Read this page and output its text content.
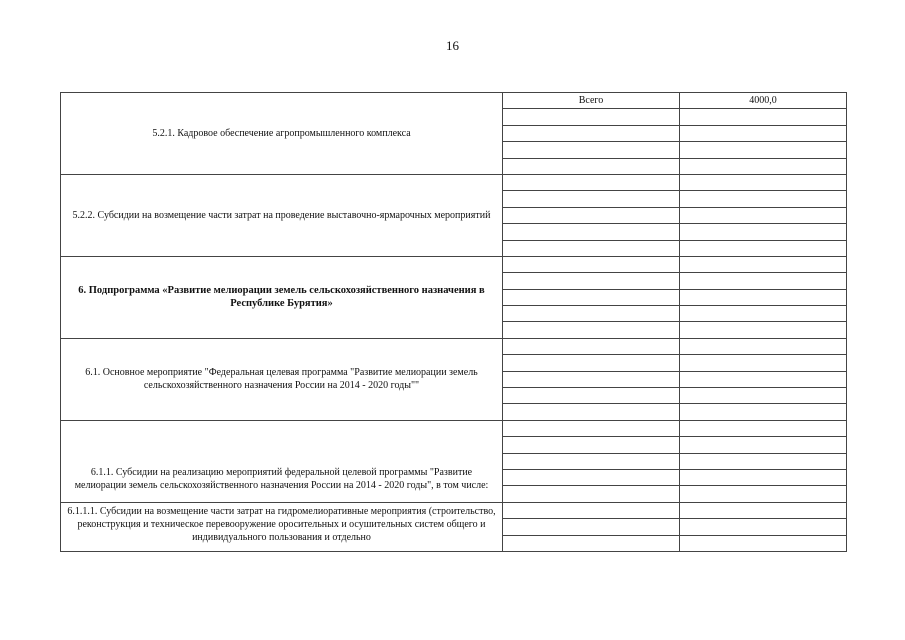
16
5.2.1. Кадровое обеспечение агропромышленного комплекса	Всего	4000,0

5.2.2. Субсидии на возмещение части затрат на проведение выставочно-ярмарочных мероприятий		

6. Подпрограмма «Развитие мелиорации земель сельскохозяйственного назначения в Республике Бурятия»		

6.1. Основное мероприятие "Федеральная целевая программа "Развитие мелиорации земель сельскохозяйственного назначения России на 2014 - 2020 годы""		

6.1.1. Субсидии на реализацию мероприятий федеральной целевой программы "Развитие мелиорации земель сельскохозяйственного назначения России на 2014 - 2020 годы", в том числе:		

6.1.1.1. Субсидии на возмещение части затрат на гидромелиоративные мероприятия (строительство, реконструкция и техническое перевооружение оросительных и осушительных систем общего и индивидуального пользования и отдельно		
